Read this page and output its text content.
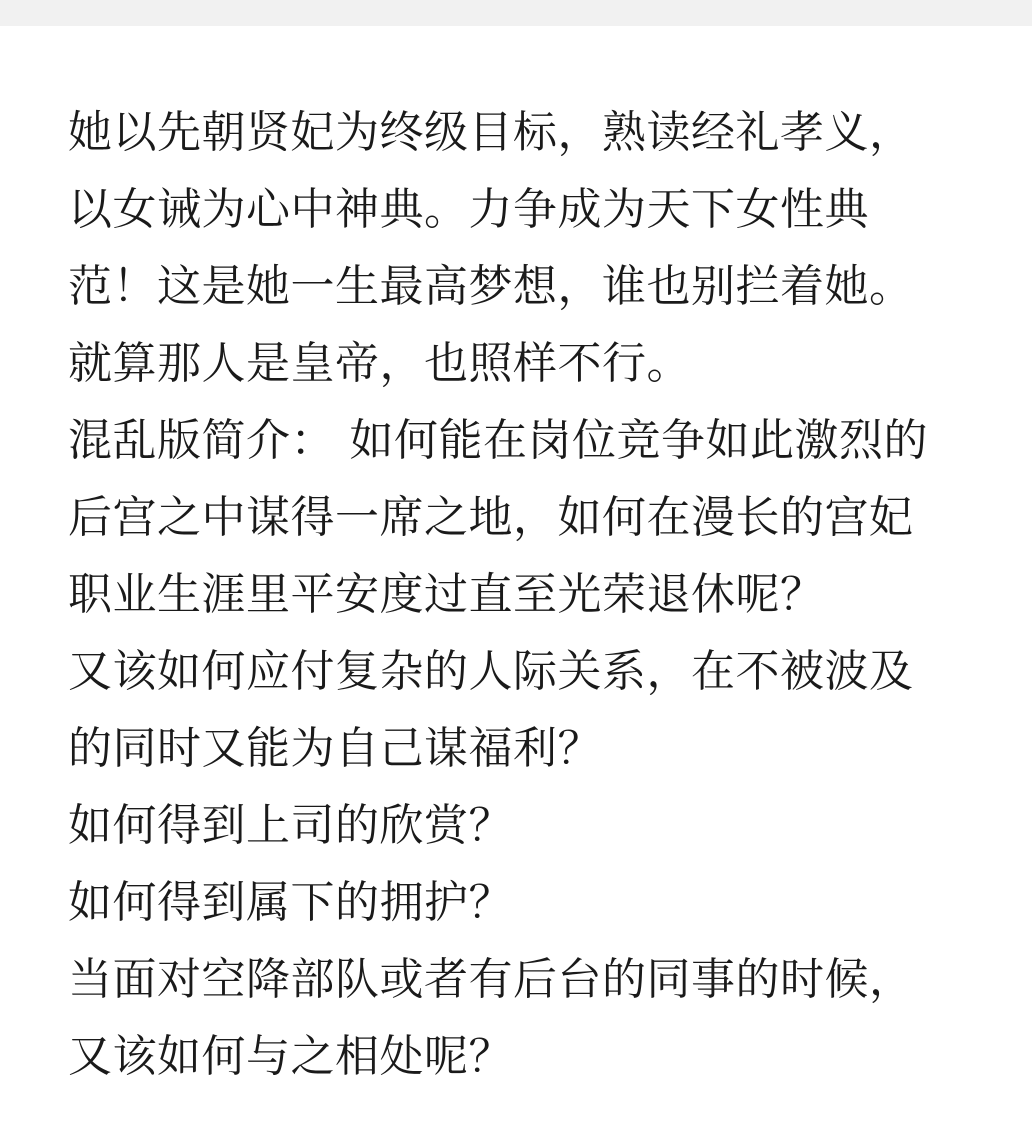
她以先朝贤妃为终级目标，熟读经礼孝义，
以女诫为心中神典。力争成为天下女性典
范！这是她一生最高梦想，谁也别拦着她。
就算那人是皇帝，也照样不行。
混乱版简介： 如何能在岗位竞争如此激烈的
后宫之中谋得一席之地，如何在漫长的宫妃
职业生涯里平安度过直至光荣退休呢？
又该如何应付复杂的人际关系，在不被波及
的同时又能为自己谋福利？
如何得到上司的欣赏？
如何得到属下的拥护？
当面对空降部队或者有后台的同事的时候，
又该如何与之相处呢？
